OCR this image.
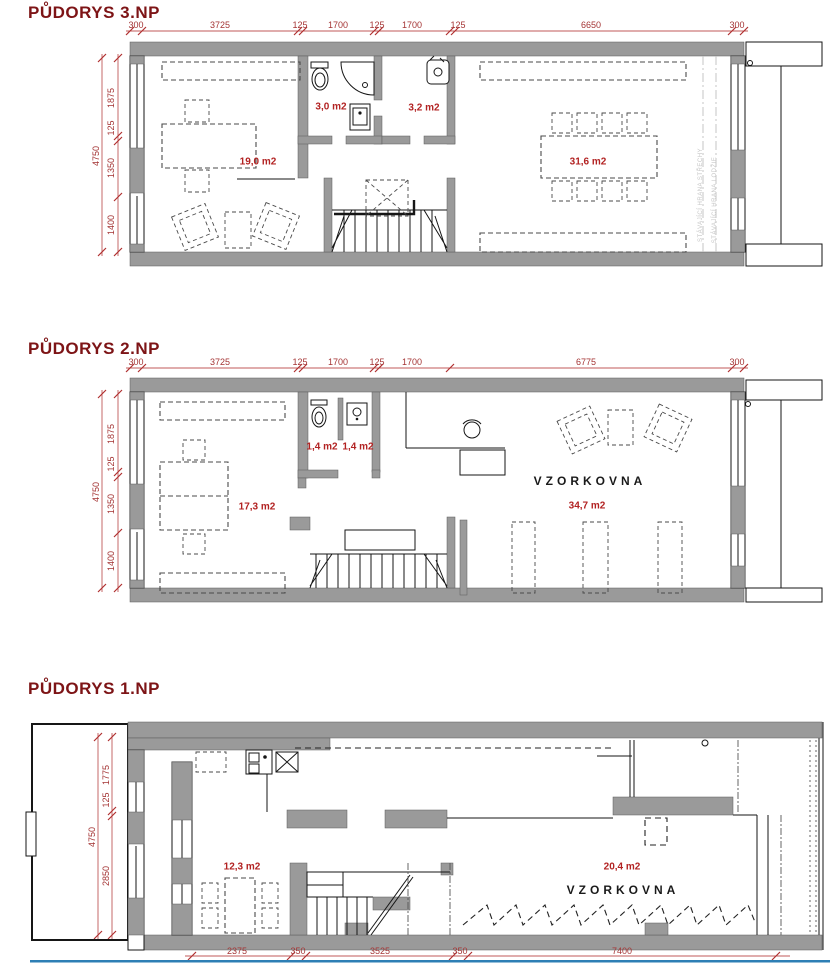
PŮDORYS 3.NP
PŮDORYS 2.NP
PŮDORYS 1.NP
300	3725	125 1700 125 1700	125	6650	300
4750
1875
125
1350
1400
3,0 m2	3,2 m2
19,0 m2	31,6 m2	STÁVAJÍCÍ HRANA STŘECHY STÁVAJÍCÍ HRANA LODŽIE
300	3725	125 1700 125 1700	6775	300
4750
1875
125
1350
1400
1,4 m2 1,4 m2
17,3 m2
VZORKOVNA
34,7 m2
4750
1775
125
2850
2375	350	3525	350	7400
12,3 m2	20,4 m2
VZORKOVNA
